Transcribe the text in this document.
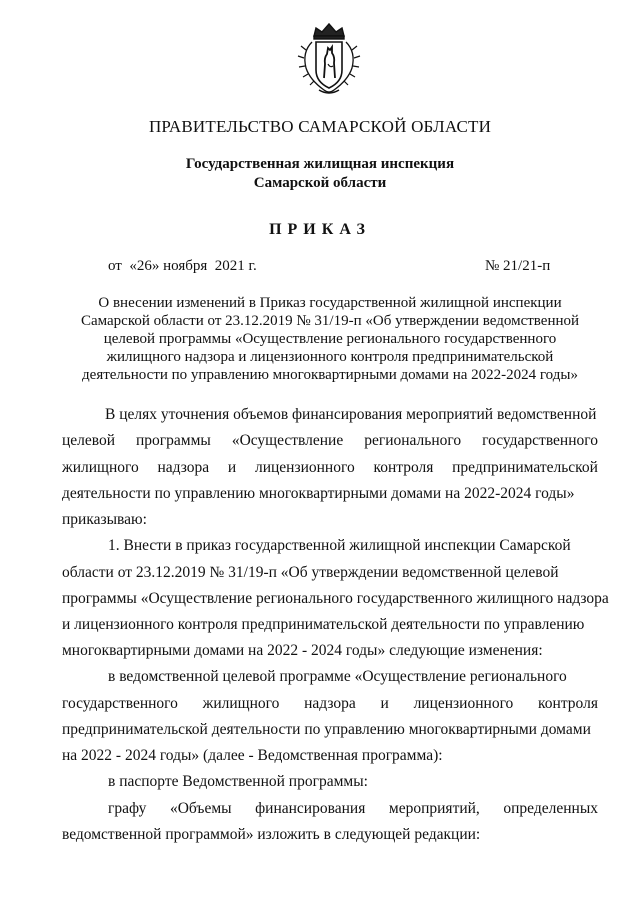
ПРАВИТЕЛЬСТВО САМАРСКОЙ ОБЛАСТИ
Государственная жилищная инспекция
Самарской области
ПРИКАЗ
от  «26» ноября  2021 г.	№ 21/21-п
О внесении изменений в Приказ государственной жилищной инспекции
Самарской области от 23.12.2019 № 31/19-п «Об утверждении ведомственной
целевой программы «Осуществление регионального государственного
жилищного надзора и лицензионного контроля предпринимательской
деятельности по управлению многоквартирными домами на 2022-2024 годы»
В целях уточнения объемов финансирования мероприятий ведомственной
целевой программы «Осуществление регионального государственного
жилищного надзора и лицензионного контроля предпринимательской
деятельности по управлению многоквартирными домами на 2022-2024 годы»
приказываю:
1. Внести в приказ государственной жилищной инспекции Самарской
области от 23.12.2019 № 31/19-п «Об утверждении ведомственной целевой
программы «Осуществление регионального государственного жилищного надзора
и лицензионного контроля предпринимательской деятельности по управлению
многоквартирными домами на 2022 - 2024 годы» следующие изменения:
в ведомственной целевой программе «Осуществление регионального
государственного жилищного надзора и лицензионного контроля
предпринимательской деятельности по управлению многоквартирными домами
на 2022 - 2024 годы» (далее - Ведомственная программа):
в паспорте Ведомственной программы:
графу «Объемы финансирования мероприятий, определенных
ведомственной программой» изложить в следующей редакции:
